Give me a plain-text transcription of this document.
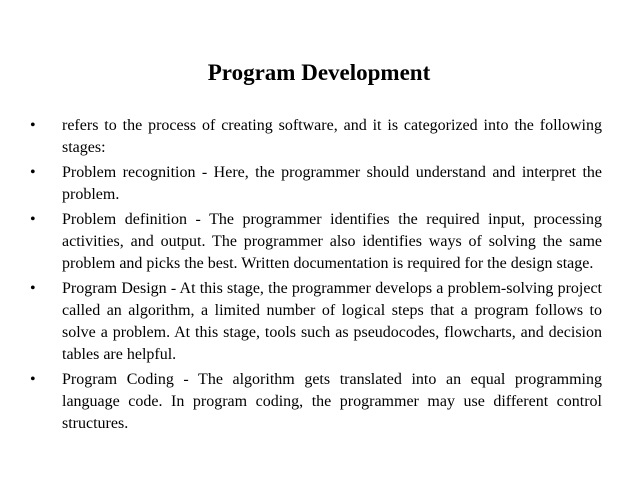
Program Development
•	refers to the process of creating software, and it is categorized into the following stages:
•	Problem recognition - Here, the programmer should understand and interpret the problem.
•	Problem definition - The programmer identifies the required input, processing activities, and output. The programmer also identifies ways of solving the same problem and picks the best. Written documentation is required for the design stage.
•	Program Design - At this stage, the programmer develops a problem-solving project called an algorithm, a limited number of logical steps that a program follows to solve a problem. At this stage, tools such as pseudocodes, flowcharts, and decision tables are helpful.
•	Program Coding - The algorithm gets translated into an equal programming language code. In program coding, the programmer may use different control structures.
